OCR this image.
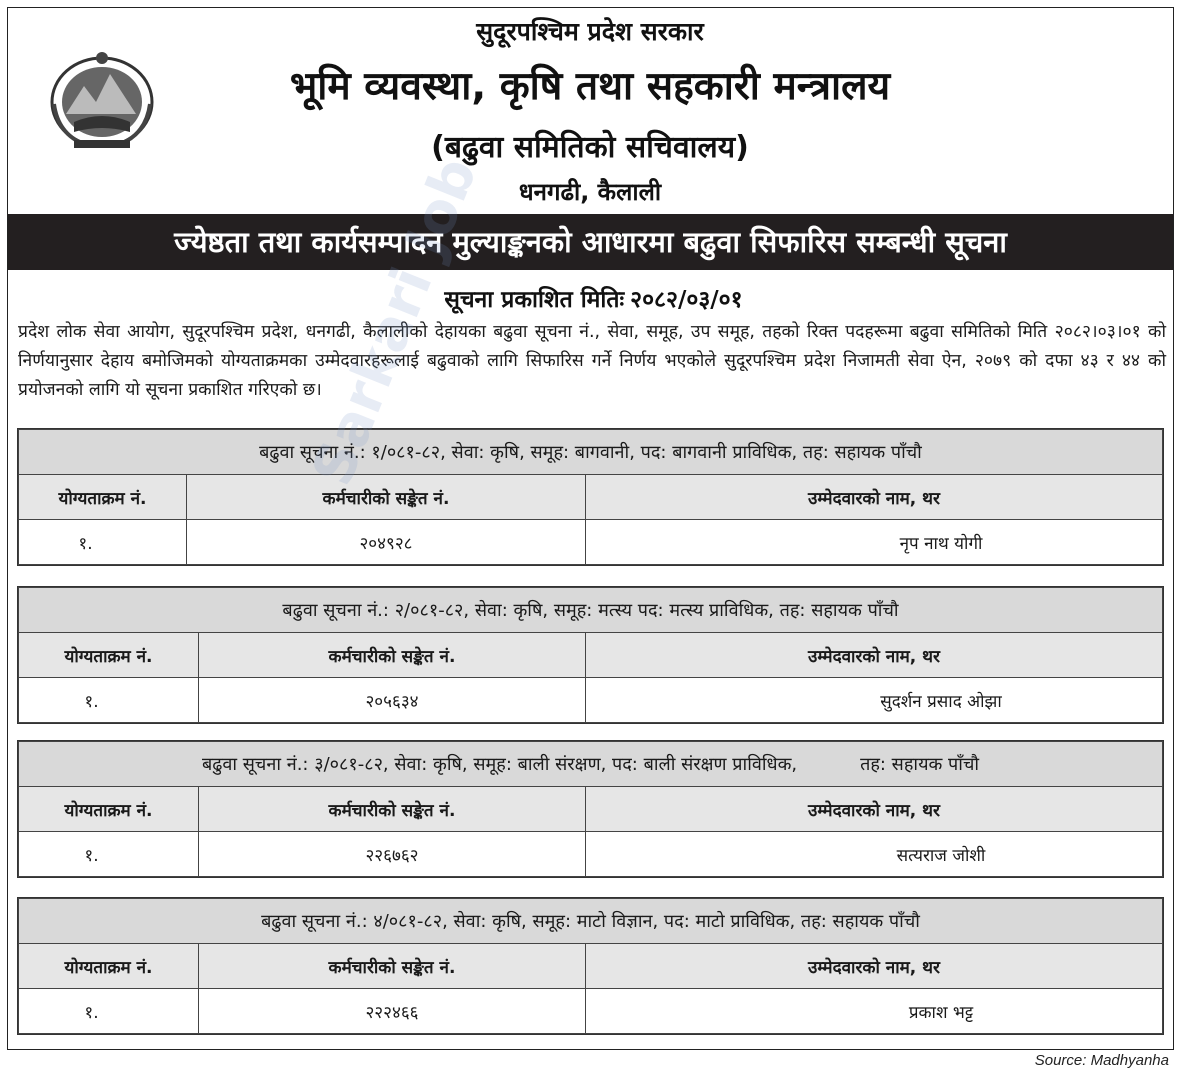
सुदूरपश्चिम प्रदेश सरकार
भूमि व्यवस्था, कृषि तथा सहकारी मन्त्रालय
(बढुवा समितिको सचिवालय)
धनगढी, कैलाली
ज्येष्ठता तथा कार्यसम्पादन मुल्याङ्कनको आधारमा बढुवा सिफारिस सम्बन्धी सूचना
सूचना प्रकाशित मितिः २०८२/०३/०१
प्रदेश लोक सेवा आयोग, सुदूरपश्चिम प्रदेश, धनगढी, कैलालीको देहायका बढुवा सूचना नं., सेवा, समूह, उप समूह, तहको रिक्त पदहरूमा बढुवा समितिको मिति २०८२।०३।०१ को निर्णयानुसार देहाय बमोजिमको योग्यताक्रमका उम्मेदवारहरूलाई बढुवाको लागि सिफारिस गर्ने निर्णय भएकोले सुदूरपश्चिम प्रदेश निजामती सेवा ऐन, २०७९ को दफा ४३ र ४४ को प्रयोजनको लागि यो सूचना प्रकाशित गरिएको छ।
बढुवा सूचना नं.: १/०८१-८२, सेवा: कृषि, समूह: बागवानी, पद: बागवानी प्राविधिक, तह: सहायक पाँचौ		
योग्यताक्रम नं.	कर्मचारीको सङ्केत नं.	उम्मेदवारको नाम, थर
१.	२०४९२८	नृप नाथ योगी
बढुवा सूचना नं.: २/०८१-८२, सेवा: कृषि, समूह: मत्स्य पद: मत्स्य प्राविधिक, तह: सहायक पाँचौ		
योग्यताक्रम नं.	कर्मचारीको सङ्केत नं.	उम्मेदवारको नाम, थर
१.	२०५६३४	सुदर्शन प्रसाद ओझा
बढुवा सूचना नं.: ३/०८१-८२, सेवा: कृषि, समूह: बाली संरक्षण, पद: बाली संरक्षण प्राविधिक,           तह: सहायक पाँचौ		
योग्यताक्रम नं.	कर्मचारीको सङ्केत नं.	उम्मेदवारको नाम, थर
१.	२२६७६२	सत्यराज जोशी
बढुवा सूचना नं.: ४/०८१-८२, सेवा: कृषि, समूह: माटो विज्ञान, पद: माटो प्राविधिक, तह: सहायक पाँचौ		
योग्यताक्रम नं.	कर्मचारीको सङ्केत नं.	उम्मेदवारको नाम, थर
१.	२२२४६६	प्रकाश भट्ट
Sarkari Job
Source: Madhyanha
